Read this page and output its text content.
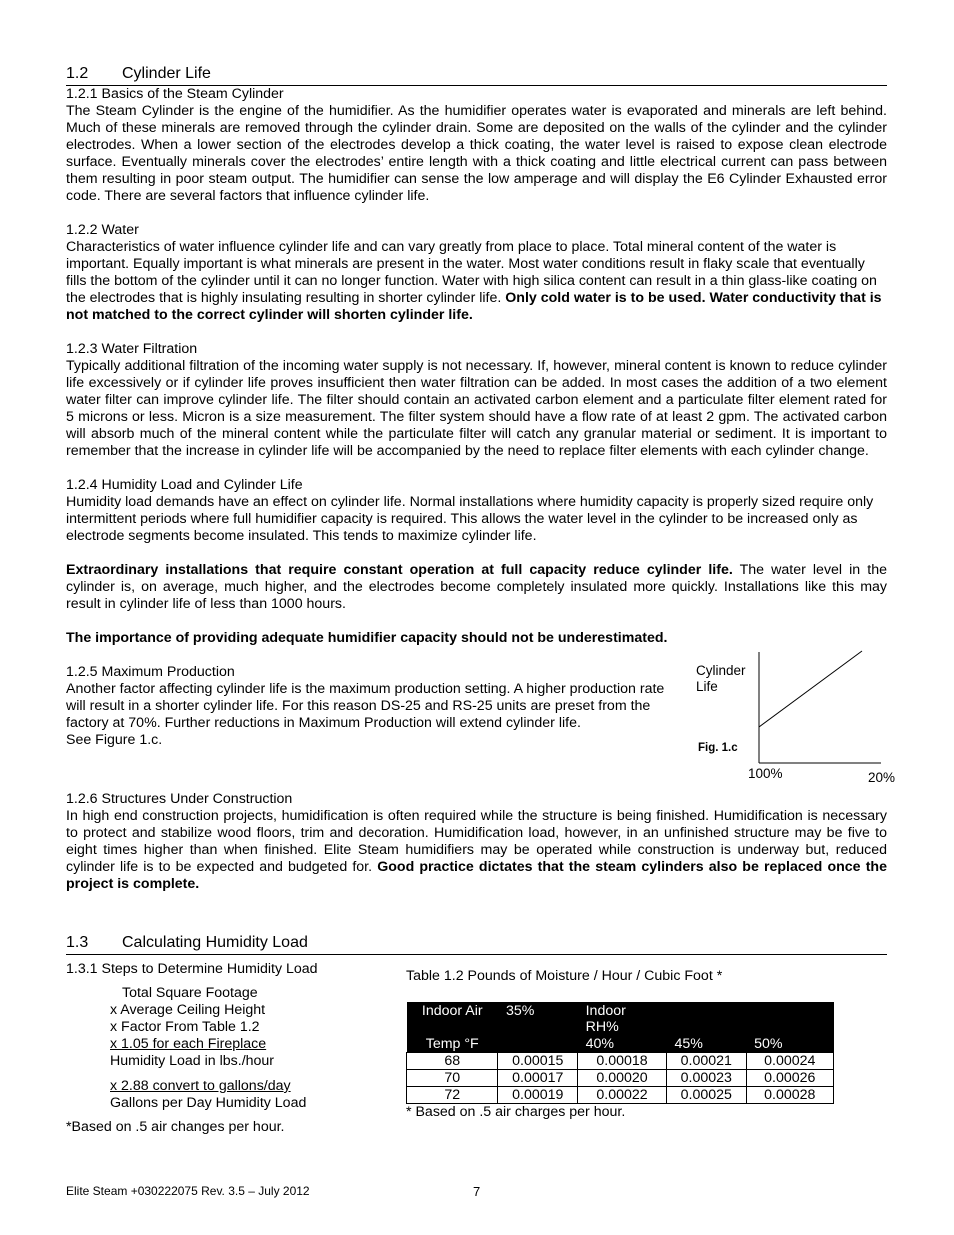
1.2	Cylinder Life

1.2.1 Basics of the Steam Cylinder

The Steam Cylinder is the engine of the humidifier. As the humidifier operates water is evaporated and minerals are left behind. Much of these minerals are removed through the cylinder drain. Some are deposited on the walls of the cylinder and the cylinder electrodes. When a lower section of the electrodes develop a thick coating, the water level is raised to expose clean electrode surface. Eventually minerals cover the electrodes’ entire length with a thick coating and little electrical current can pass between them resulting in poor steam output. The humidifier can sense the low amperage and will display the E6 Cylinder Exhausted error code. There are several factors that influence cylinder life.

1.2.2 Water

Characteristics of water influence cylinder life and can vary greatly from place to place. Total mineral content of the water is important. Equally important is what minerals are present in the water. Most water conditions result in flaky scale that eventually fills the bottom of the cylinder until it can no longer function. Water with high silica content can result in a thin glass-like coating on the electrodes that is highly insulating resulting in shorter cylinder life. Only cold water is to be used. Water conductivity that is not matched to the correct cylinder will shorten cylinder life.

1.2.3 Water Filtration

Typically additional filtration of the incoming water supply is not necessary. If, however, mineral content is known to reduce cylinder life excessively or if cylinder life proves insufficient then water filtration can be added. In most cases the addition of a two element water filter can improve cylinder life. The filter should contain an activated carbon element and a particulate filter element rated for 5 microns or less. Micron is a size measurement. The filter system should have a flow rate of at least 2 gpm. The activated carbon will absorb much of the mineral content while the particulate filter will catch any granular material or sediment. It is important to remember that the increase in cylinder life will be accompanied by the need to replace filter elements with each cylinder change.

1.2.4 Humidity Load and Cylinder Life

Humidity load demands have an effect on cylinder life. Normal installations where humidity capacity is properly sized require only intermittent periods where full humidifier capacity is required. This allows the water level in the cylinder to be increased only as electrode segments become insulated. This tends to maximize cylinder life.

Extraordinary installations that require constant operation at full capacity reduce cylinder life. The water level in the cylinder is, on average, much higher, and the electrodes become completely insulated more quickly. Installations like this may result in cylinder life of less than 1000 hours.

The importance of providing adequate humidifier capacity should not be underestimated.

1.2.5 Maximum Production

Another factor affecting cylinder life is the maximum production setting. A higher production rate will result in a shorter cylinder life. For this reason DS-25 and RS-25 units are preset from the factory at 70%. Further reductions in Maximum Production will extend cylinder life.

See Figure 1.c.

Cylinder Life
Fig. 1.c
100%	20%

1.2.6 Structures Under Construction

In high end construction projects, humidification is often required while the structure is being finished. Humidification is necessary to protect and stabilize wood floors, trim and decoration. Humidification load, however, in an unfinished structure may be five to eight times higher than when finished. Elite Steam humidifiers may be operated while construction is underway but, reduced cylinder life is to be expected and budgeted for. Good practice dictates that the steam cylinders also be replaced once the project is complete.

1.3	Calculating Humidity Load

1.3.1 Steps to Determine Humidity Load

Total Square Footage
x Average Ceiling Height
x Factor From Table 1.2
x 1.05 for each Fireplace
Humidity Load in lbs./hour
x 2.88 convert to gallons/day
Gallons per Day Humidity Load

*Based on .5 air changes per hour.

Table 1.2 Pounds of Moisture / Hour / Cubic Foot *

Indoor Air	35%	Indoor RH%		
Temp °F		40%	45%	50%
68	0.00015	0.00018	0.00021	0.00024
70	0.00017	0.00020	0.00023	0.00026
72	0.00019	0.00022	0.00025	0.00028

* Based on .5 air charges per hour.

Elite Steam +030222075 Rev. 3.5 – July 2012	7
